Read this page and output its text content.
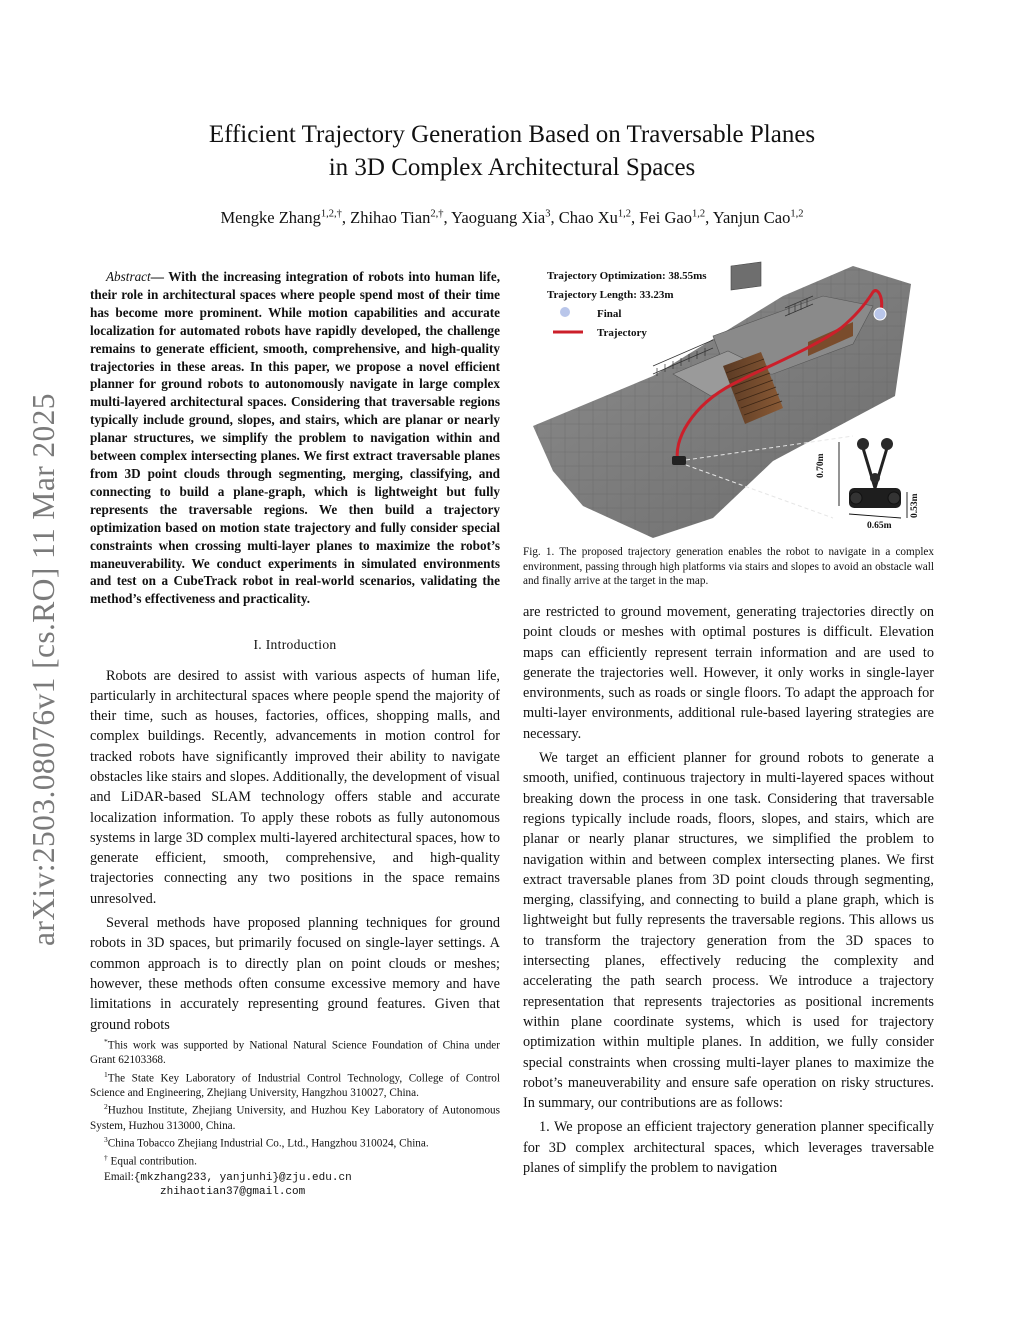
Efficient Trajectory Generation Based on Traversable Planes
in 3D Complex Architectural Spaces
Mengke Zhang$^{1,2,\dagger}$, Zhihao Tian$^{2,\dagger}$, Yaoguang Xia$^3$, Chao Xu$^{1,2}$, Fei Gao$^{1,2}$, Yanjun Cao$^{1,2}$
arXiv:2503.08076v1 [cs.RO] 11 Mar 2025

Abstract— With the increasing integration of robots into human life, their role in architectural spaces where people spend most of their time has become more prominent. While motion capabilities and accurate localization for automated robots have rapidly developed, the challenge remains to generate efficient, smooth, comprehensive, and high-quality trajectories in these areas. In this paper, we propose a novel efficient planner for ground robots to autonomously navigate in large complex multi-layered architectural spaces. Considering that traversable regions typically include ground, slopes, and stairs, which are planar or nearly planar structures, we simplify the problem to navigation within and between complex intersecting planes. We first extract traversable planes from 3D point clouds through segmenting, merging, classifying, and connecting to build a plane-graph, which is lightweight but fully represents the traversable regions. We then build a trajectory optimization based on motion state trajectory and fully consider special constraints when crossing multi-layer planes to maximize the robot’s maneuverability. We conduct experiments in simulated environments and test on a CubeTrack robot in real-world scenarios, validating the method’s effectiveness and practicality.

I. Introduction

Robots are desired to assist with various aspects of human life, particularly in architectural spaces where people spend the majority of their time, such as houses, factories, offices, shopping malls, and complex buildings. Recently, advancements in motion control for tracked robots have significantly improved their ability to navigate obstacles like stairs and slopes. Additionally, the development of visual and LiDAR-based SLAM technology offers stable and accurate localization information. To apply these robots as fully autonomous systems in large 3D complex multi-layered architectural spaces, how to generate efficient, smooth, comprehensive, and high-quality trajectories connecting any two positions in the space remains unresolved.

Several methods have proposed planning techniques for ground robots in 3D spaces, but primarily focused on single-layer settings. A common approach is to directly plan on point clouds or meshes; however, these methods often consume excessive memory and have limitations in accurately representing ground features. Given that ground robots

*This work was supported by National Natural Science Foundation of China under Grant 62103368.

$^1$The State Key Laboratory of Industrial Control Technology, College of Control Science and Engineering, Zhejiang University, Hangzhou 310027, China.

$^2$Huzhou Institute, Zhejiang University, and Huzhou Key Laboratory of Autonomous System, Huzhou 313000, China.

$^3$China Tobacco Zhejiang Industrial Co., Ltd., Hangzhou 310024, China.

† Equal contribution.

Email:{mkzhang233, yanjunhi}@zju.edu.cn

zhihaotian37@gmail.com

0.70m
0.65m
0.53m
Trajectory Optimization: 38.55ms
Trajectory Length: 33.23m
Final
Trajectory
Fig. 1. The proposed trajectory generation enables the robot to navigate in a complex environment, passing through high platforms via stairs and slopes to avoid an obstacle wall and finally arrive at the target in the map.

are restricted to ground movement, generating trajectories directly on point clouds or meshes with optimal postures is difficult. Elevation maps can efficiently represent terrain information and are used to generate the trajectories well. However, it only works in single-layer environments, such as roads or single floors. To adapt the approach for multi-layer environments, additional rule-based layering strategies are necessary.

We target an efficient planner for ground robots to generate a smooth, unified, continuous trajectory in multi-layered spaces without breaking down the process in one task. Considering that traversable regions typically include roads, floors, slopes, and stairs, which are planar or nearly planar structures, we simplified the problem to navigation within and between complex intersecting planes. We first extract traversable planes from 3D point clouds through segmenting, merging, classifying, and connecting to build a plane graph, which is lightweight but fully represents the traversable regions. This allows us to transform the trajectory generation from the 3D spaces to intersecting planes, effectively reducing the complexity and accelerating the path search process. We introduce a trajectory representation that represents trajectories as positional increments within plane coordinate systems, which is used for trajectory optimization within multiple planes. In addition, we fully consider special constraints when crossing multi-layer planes to maximize the robot’s maneuverability and ensure safe operation on risky structures. In summary, our contributions are as follows:

1. We propose an efficient trajectory generation planner specifically for 3D complex architectural spaces, which leverages traversable planes of simplify the problem to navigation
